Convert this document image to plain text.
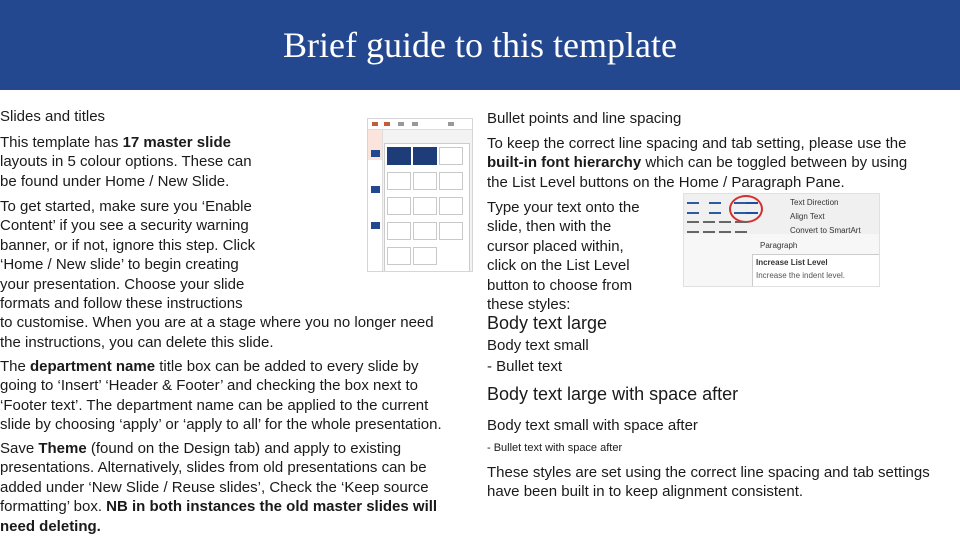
Brief guide to this template
Slides and titles
This template has 17 master slide
layouts in 5 colour options. These can
be found under Home / New Slide.
To get started, make sure you ‘Enable
Content’ if you see a security warning
banner, or if not, ignore this step. Click
‘Home / New slide’ to begin creating
your presentation. Choose your slide
formats and follow these instructions
to customise. When you are at a stage where you no longer need
the instructions, you can delete this slide.
The department name title box can be added to every slide by
going to ‘Insert’ ‘Header & Footer’ and checking the box next to
‘Footer text’. The department name can be applied to the current
slide by choosing ‘apply’ or ‘apply to all’ for the whole presentation.
Save Theme (found on the Design tab) and apply to existing
presentations. Alternatively, slides from old presentations can be
added under ‘New Slide / Reuse slides’, Check the ‘Keep source
formatting’ box. NB in both instances the old master slides will
need deleting.
Bullet points and line spacing
To keep the correct line spacing and tab setting, please use the
built-in font hierarchy which can be toggled between by using
the List Level buttons on the Home / Paragraph Pane.
Type your text onto the
slide, then with the
cursor placed within,
click on the List Level
button to choose from
these styles:
Body text large
Body text small
- Bullet text
Body text large with space after
Body text small with space after
- Bullet text with space after
These styles are set using the correct line spacing and tab settings
have been built in to keep alignment consistent.
Text Direction
Align Text
Convert to SmartArt
Paragraph
Increase List Level
Increase the indent level.
